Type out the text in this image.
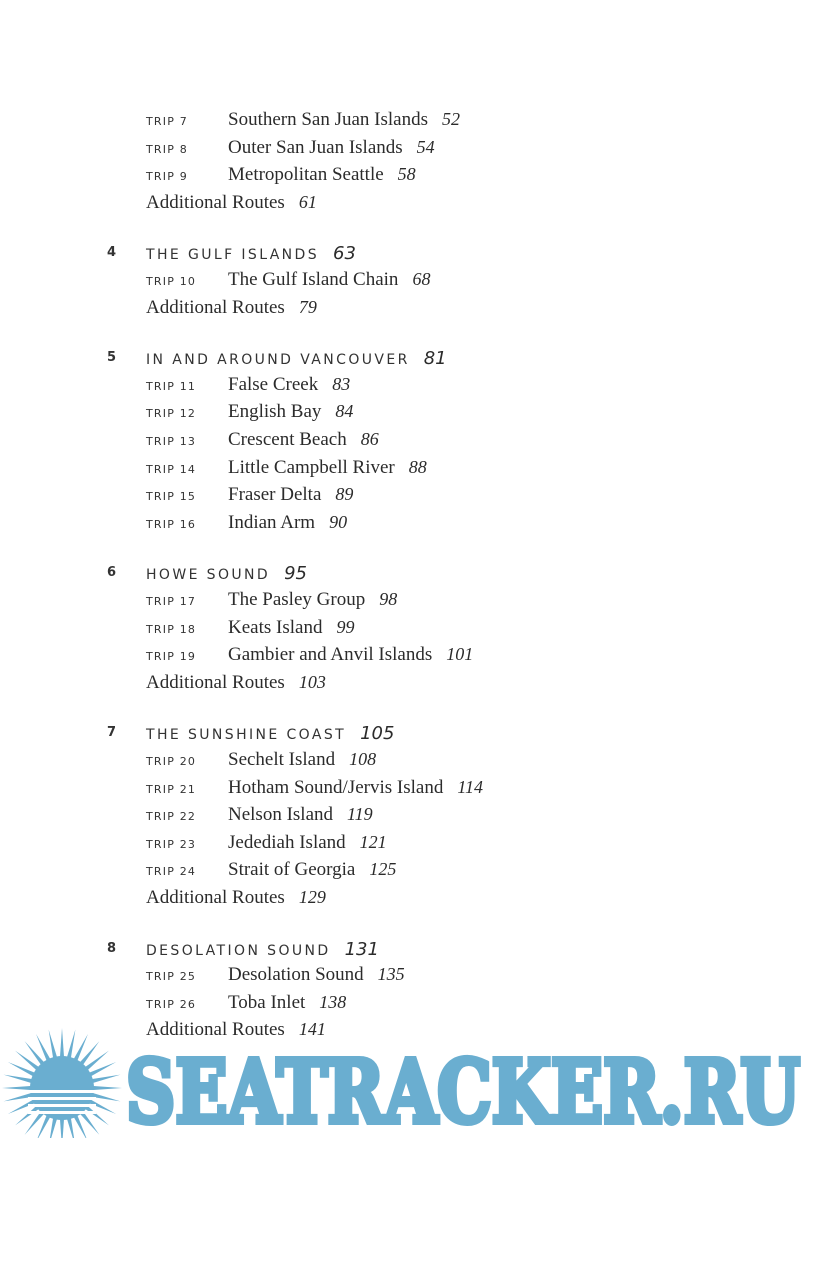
TRIP 7 Southern San Juan Islands 52
TRIP 8 Outer San Juan Islands 54
TRIP 9 Metropolitan Seattle 58
Additional Routes 61
4 THE GULF ISLANDS 63
TRIP 10 The Gulf Island Chain 68
Additional Routes 79
5 IN AND AROUND VANCOUVER 81
TRIP 11 False Creek 83
TRIP 12 English Bay 84
TRIP 13 Crescent Beach 86
TRIP 14 Little Campbell River 88
TRIP 15 Fraser Delta 89
TRIP 16 Indian Arm 90
6 HOWE SOUND 95
TRIP 17 The Pasley Group 98
TRIP 18 Keats Island 99
TRIP 19 Gambier and Anvil Islands 101
Additional Routes 103
7 THE SUNSHINE COAST 105
TRIP 20 Sechelt Island 108
TRIP 21 Hotham Sound/Jervis Island 114
TRIP 22 Nelson Island 119
TRIP 23 Jedediah Island 121
TRIP 24 Strait of Georgia 125
Additional Routes 129
8 DESOLATION SOUND 131
TRIP 25 Desolation Sound 135
TRIP 26 Toba Inlet 138
Additional Routes 141
SEATRACKER.RU
SEATRACKER.RU
